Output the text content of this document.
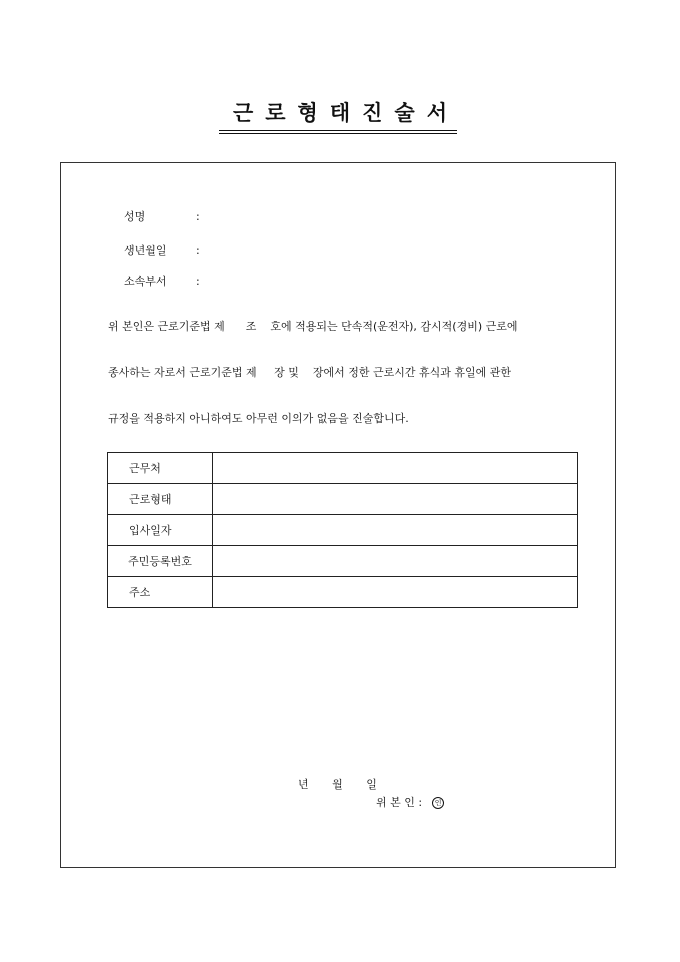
근로형태진술서
성명	:
생년월일	:
소속부서	:
위 본인은 근로기준법 제      조    호에 적용되는 단속적(운전자), 감시적(경비) 근로에
종사하는 자로서 근로기준법 제     장 및    장에서 정한 근로시간 휴식과 휴일에 관한
규정을 적용하지 아니하여도 아무런 이의가 없음을 진술합니다.
근무처	
근로형태	
입사일자	
주민등록번호	
주소	
년 월 일
위 본 인 : 인
